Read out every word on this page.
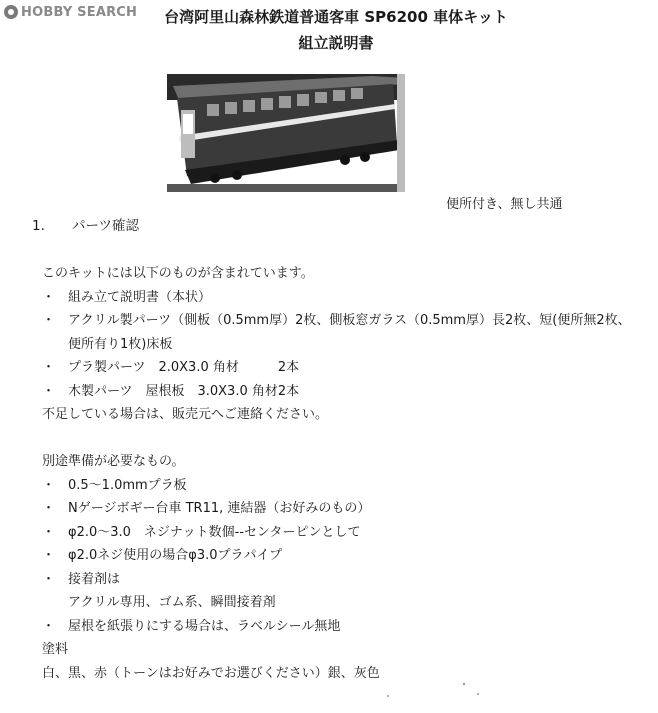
HOBBY SEARCH	台湾阿里山森林鉄道普通客車 SP6200 車体キット
組立説明書
便所付き、無し共通
1. パーツ確認
このキットには以下のものが含まれています。
・ 組み立て説明書（本状）
・ アクリル製パーツ（側板（0.5mm厚）2枚、側板窓ガラス（0.5mm厚）長2枚、短(便所無2枚、
便所有り1枚)床板
・ プラ製パーツ　2.0X3.0 角材　　　2本
・ 木製パーツ　屋根板　3.0X3.0 角材2本
不足している場合は、販売元へご連絡ください。
別途準備が必要なもの。
・ 0.5～1.0mmプラ板
・ Nゲージボギー台車 TR11, 連結器（お好みのもの）
・ φ2.0～3.0　ネジナット数個--センターピンとして
・ φ2.0ネジ使用の場合φ3.0プラパイプ
・ 接着剤は
アクリル専用、ゴム系、瞬間接着剤
・ 屋根を紙張りにする場合は、ラベルシール無地
塗料
白、黒、赤（トーンはお好みでお選びください）銀、灰色
